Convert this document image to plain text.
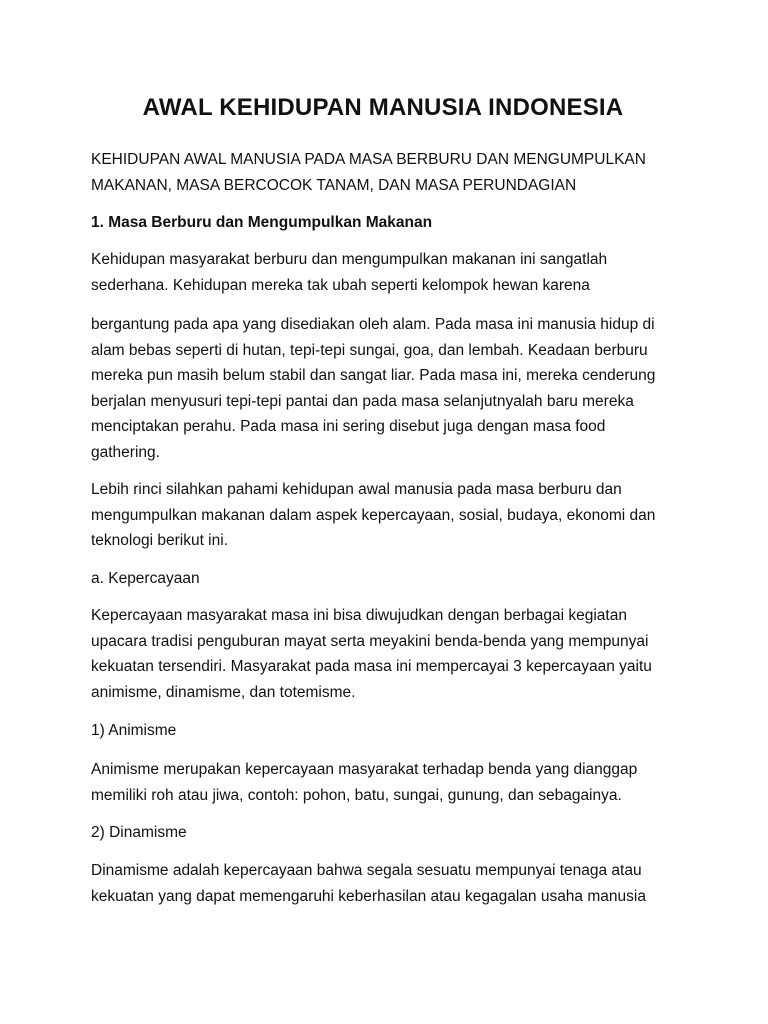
AWAL KEHIDUPAN MANUSIA INDONESIA
KEHIDUPAN AWAL MANUSIA PADA MASA BERBURU DAN MENGUMPULKAN
MAKANAN, MASA BERCOCOK TANAM, DAN MASA PERUNDAGIAN
1. Masa Berburu dan Mengumpulkan Makanan
Kehidupan masyarakat berburu dan mengumpulkan makanan ini sangatlah
sederhana. Kehidupan mereka tak ubah seperti kelompok hewan karena
bergantung pada apa yang disediakan oleh alam. Pada masa ini manusia hidup di
alam bebas seperti di hutan, tepi-tepi sungai, goa, dan lembah. Keadaan berburu
mereka pun masih belum stabil dan sangat liar. Pada masa ini, mereka cenderung
berjalan menyusuri tepi-tepi pantai dan pada masa selanjutnyalah baru mereka
menciptakan perahu. Pada masa ini sering disebut juga dengan masa food
gathering.
Lebih rinci silahkan pahami kehidupan awal manusia pada masa berburu dan
mengumpulkan makanan dalam aspek kepercayaan, sosial, budaya, ekonomi dan
teknologi berikut ini.
a. Kepercayaan
Kepercayaan masyarakat masa ini bisa diwujudkan dengan berbagai kegiatan
upacara tradisi penguburan mayat serta meyakini benda-benda yang mempunyai
kekuatan tersendiri. Masyarakat pada masa ini mempercayai 3 kepercayaan yaitu
animisme, dinamisme, dan totemisme.
1) Animisme
Animisme merupakan kepercayaan masyarakat terhadap benda yang dianggap
memiliki roh atau jiwa, contoh: pohon, batu, sungai, gunung, dan sebagainya.
2) Dinamisme
Dinamisme adalah kepercayaan bahwa segala sesuatu mempunyai tenaga atau
kekuatan yang dapat memengaruhi keberhasilan atau kegagalan usaha manusia
